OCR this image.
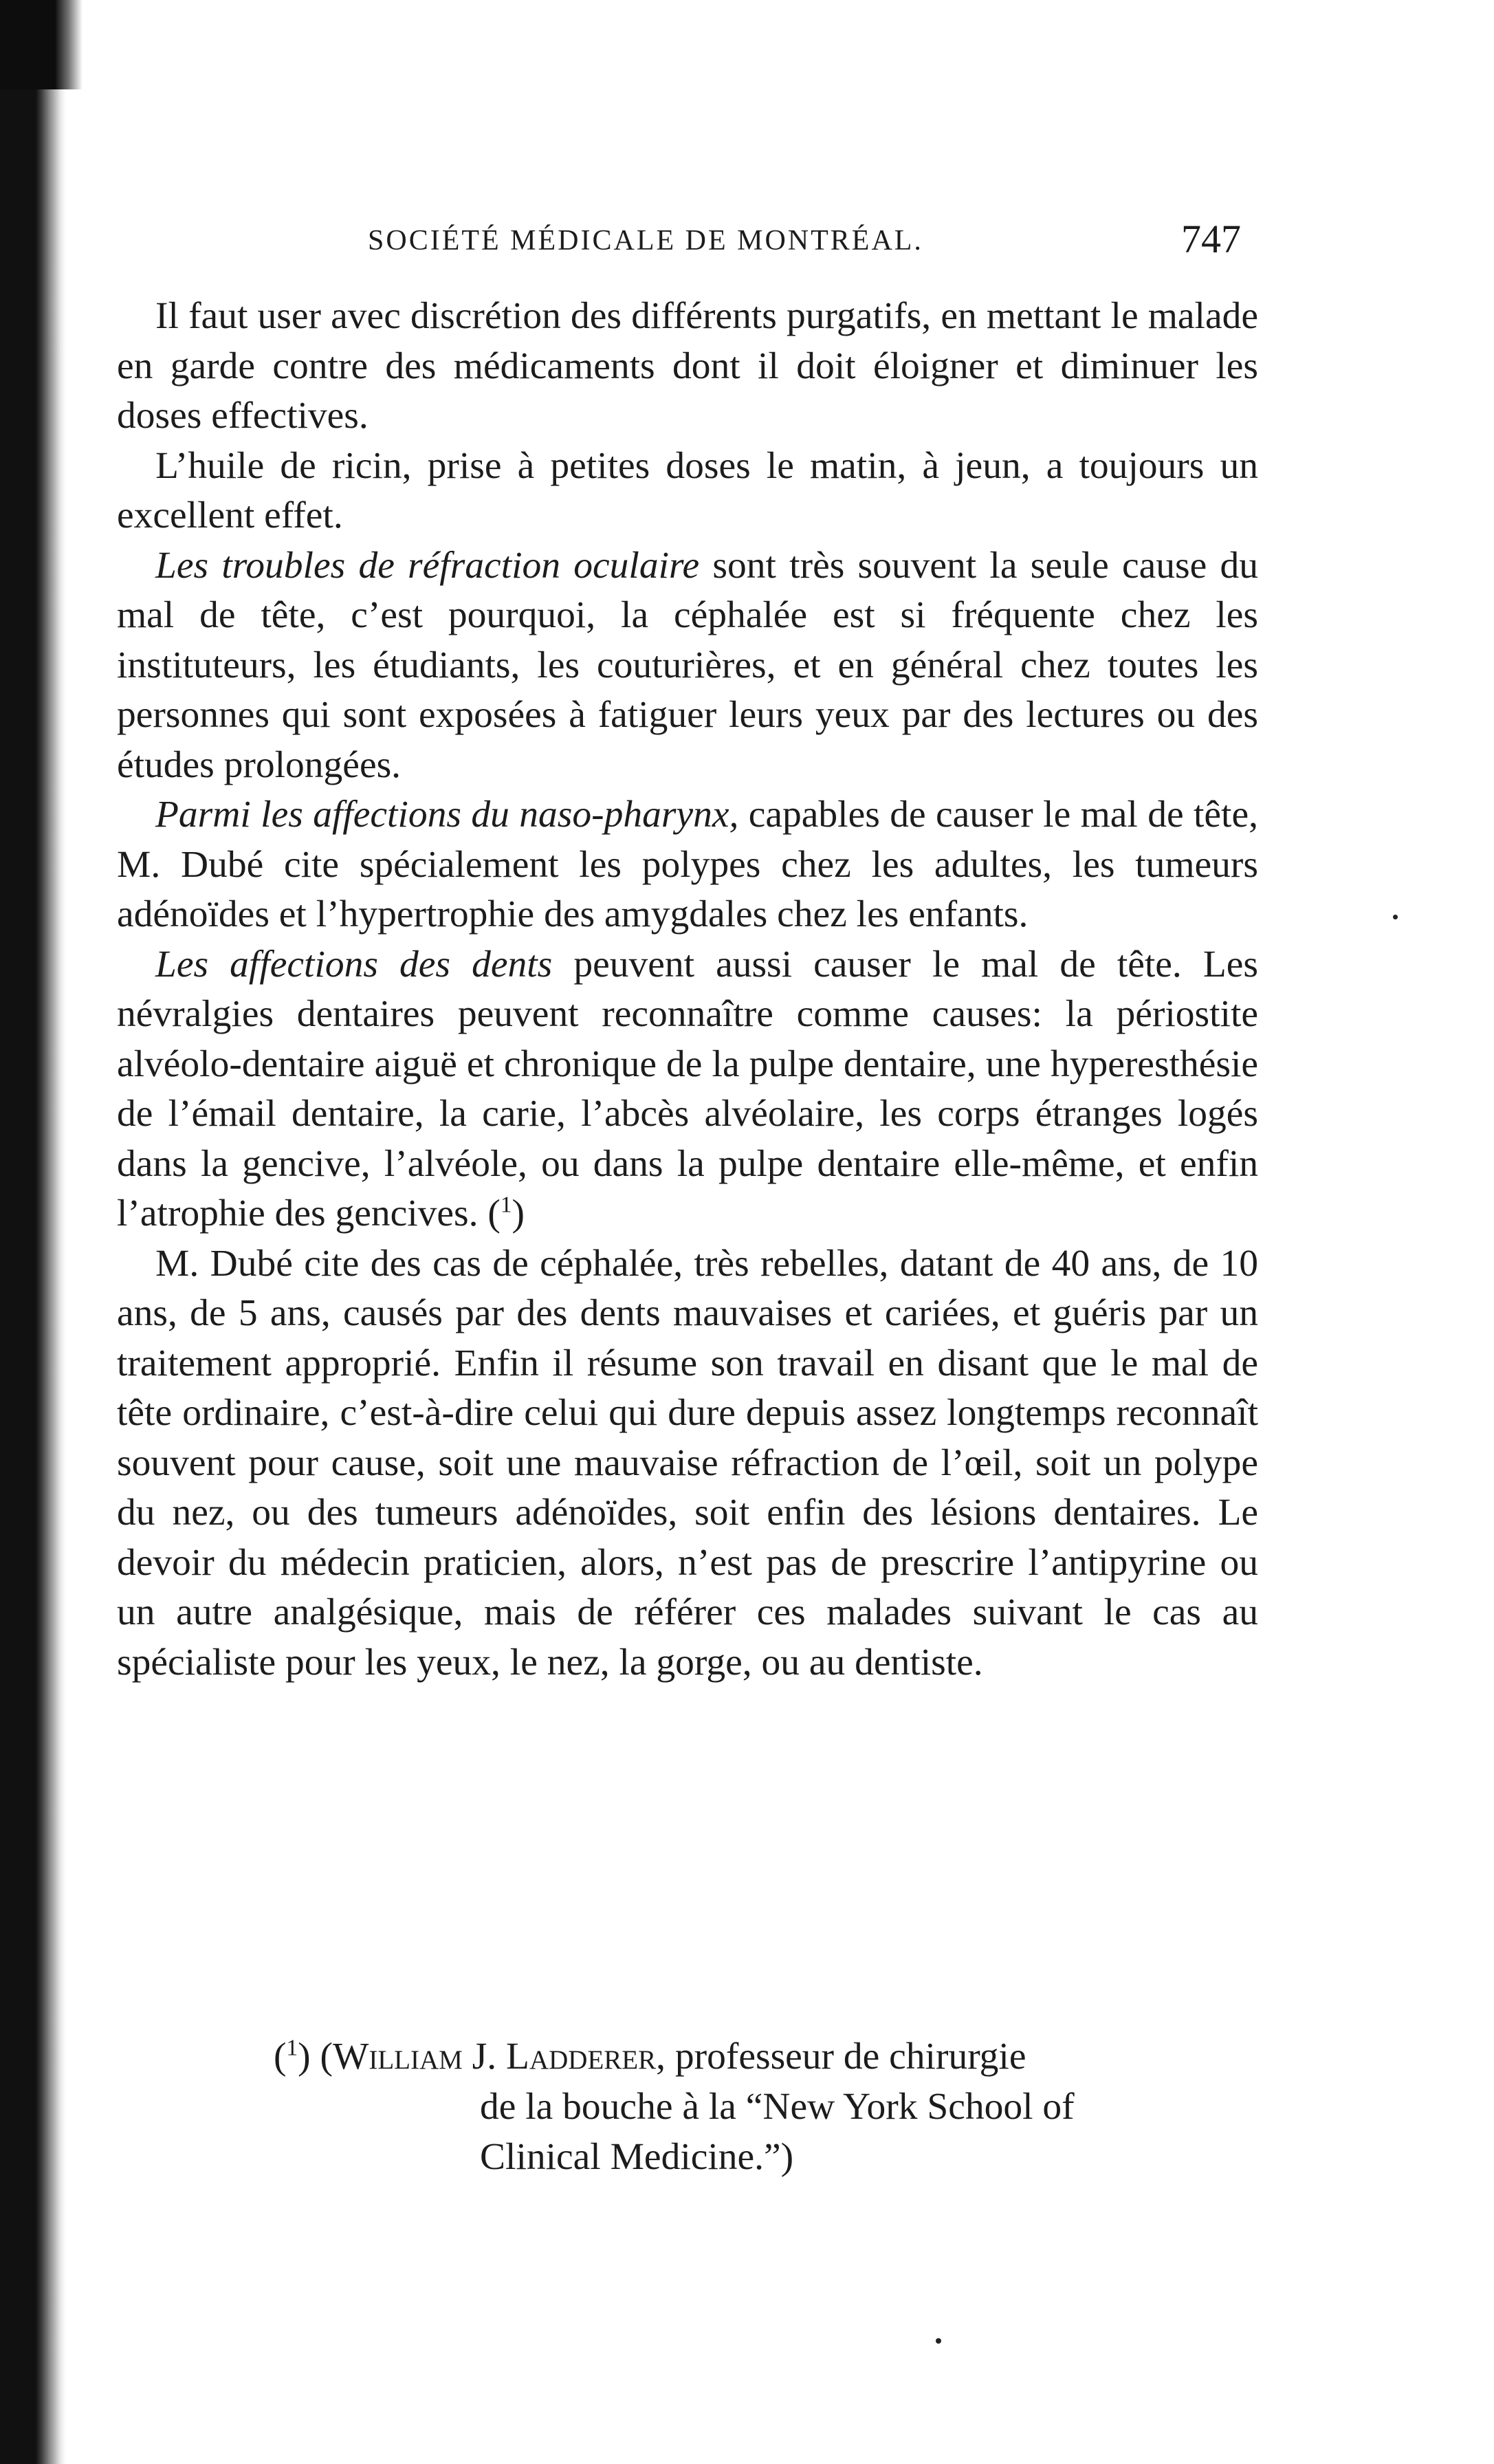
SOCIÉTÉ MÉDICALE DE MONTRÉAL.	747

Il faut user avec discrétion des différents purgatifs, en mettant le malade en garde contre des médicaments dont il doit éloigner et diminuer les doses effectives.

L’huile de ricin, prise à petites doses le matin, à jeun, a toujours un excellent effet.

Les troubles de réfraction oculaire sont très souvent la seule cause du mal de tête, c’est pourquoi, la céphalée est si fréquente chez les instituteurs, les étudiants, les couturières, et en général chez toutes les personnes qui sont exposées à fatiguer leurs yeux par des lectures ou des études prolongées.

Parmi les affections du naso-pharynx, capables de causer le mal de tête, M. Dubé cite spécialement les polypes chez les adultes, les tumeurs adénoïdes et l’hypertrophie des amygdales chez les enfants.

Les affections des dents peuvent aussi causer le mal de tête. Les névralgies dentaires peuvent reconnaître comme causes: la périostite alvéolo-dentaire aiguë et chronique de la pulpe dentaire, une hyperesthésie de l’émail dentaire, la carie, l’abcès alvéolaire, les corps étranges logés dans la gencive, l’alvéole, ou dans la pulpe dentaire elle-même, et enfin l’atrophie des gencives. ($^1$)

M. Dubé cite des cas de céphalée, très rebelles, datant de 40 ans, de 10 ans, de 5 ans, causés par des dents mauvaises et cariées, et guéris par un traitement approprié. Enfin il résume son travail en disant que le mal de tête ordinaire, c’est-à-dire celui qui dure depuis assez longtemps reconnaît souvent pour cause, soit une mauvaise réfraction de l’œil, soit un polype du nez, ou des tumeurs adénoïdes, soit enfin des lésions dentaires. Le devoir du médecin praticien, alors, n’est pas de prescrire l’antipyrine ou un autre analgésique, mais de référer ces malades suivant le cas au spécialiste pour les yeux, le nez, la gorge, ou au dentiste.

($^1$) (William J. Ladderer, professeur de chirurgie
de la bouche à la “New York School of
Clinical Medicine.”)
